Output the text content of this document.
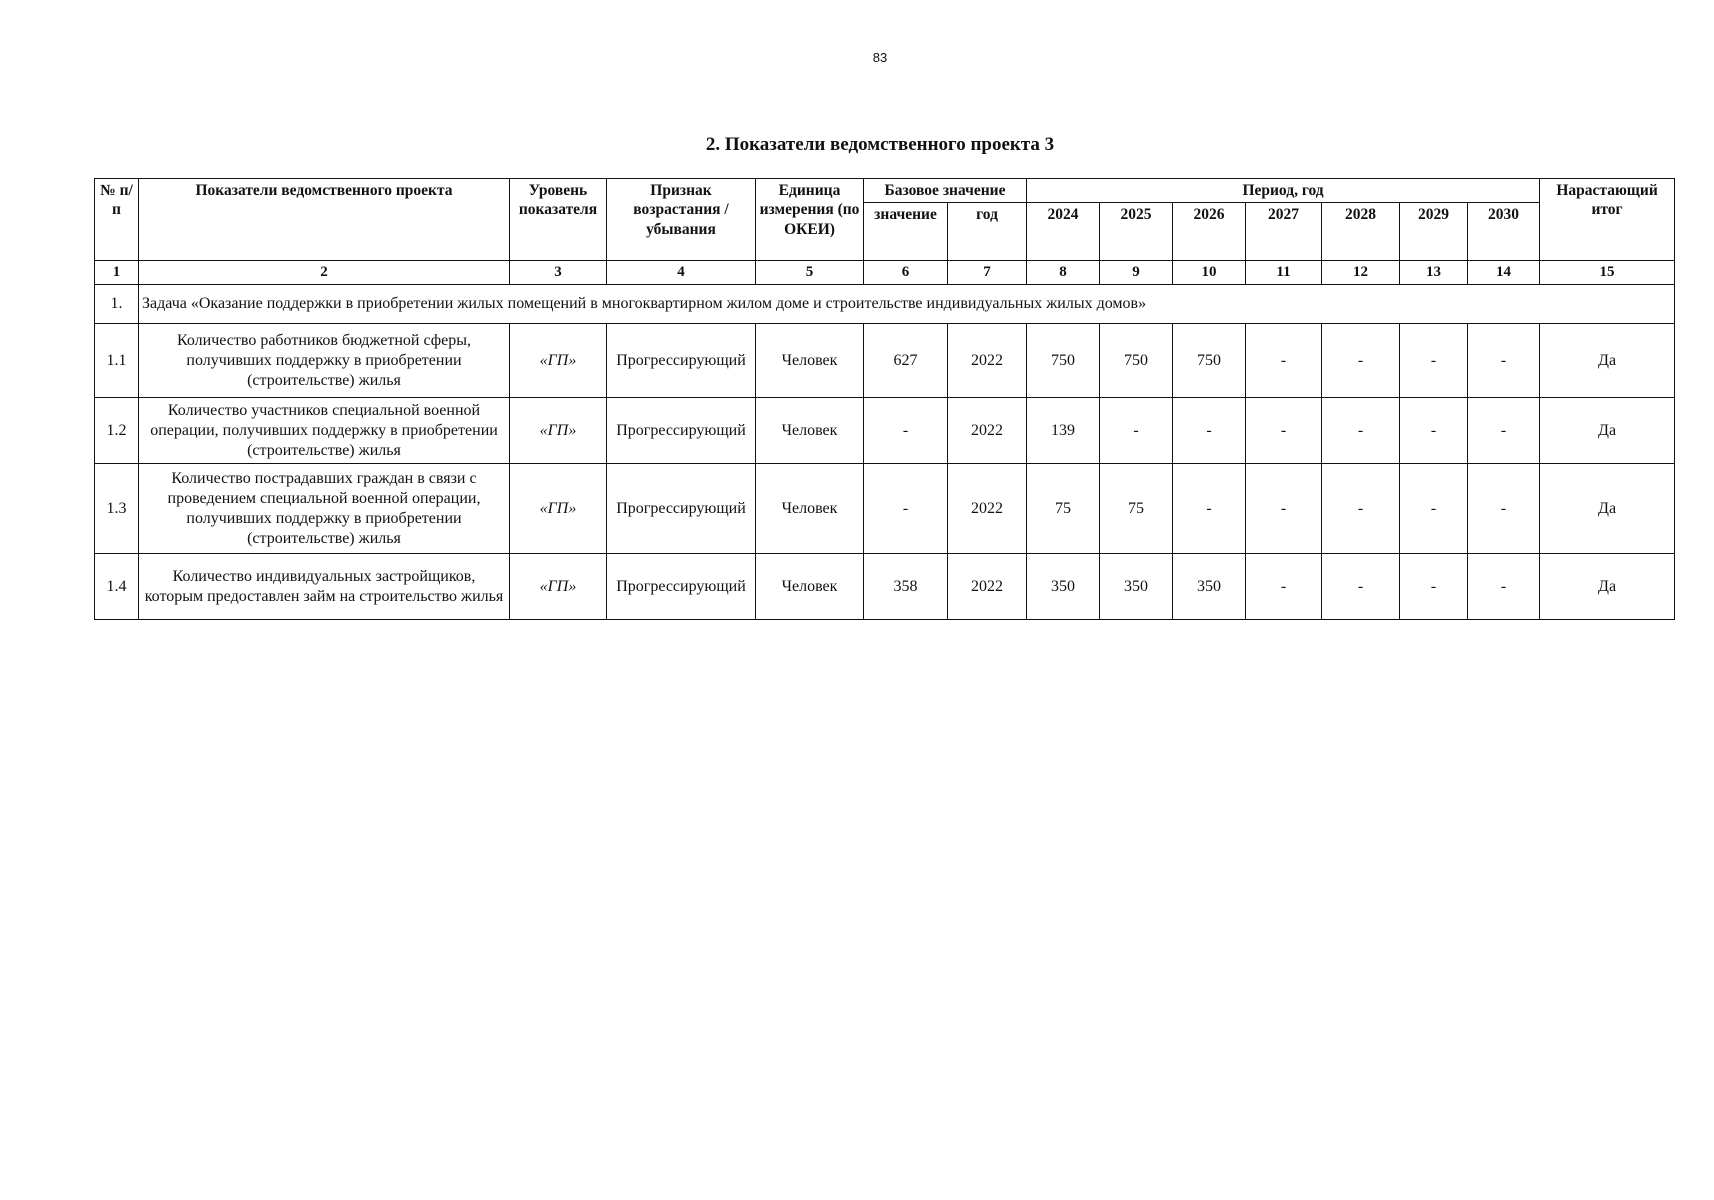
83
2. Показатели ведомственного проекта 3
№ п/п	Показатели ведомственного проекта	Уровень показателя	Признак возрастания / убывания	Единица измерения (по ОКЕИ)	Базовое значение		Период, год							Нарастающий итог
					значение	год	2024	2025	2026	2027	2028	2029	2030	
1	2	3	4	5	6	7	8	9	10	11	12	13	14	15
1.	Задача «Оказание поддержки в приобретении жилых помещений в многоквартирном жилом доме и строительстве индивидуальных жилых домов»													
1.1	Количество работников бюджетной сферы, получивших поддержку в приобретении (строительстве) жилья	«ГП»	Прогрессирующий	Человек	627	2022	750	750	750	-	-	-	-	Да
1.2	Количество участников специальной военной операции, получивших поддержку в приобретении (строительстве) жилья	«ГП»	Прогрессирующий	Человек	-	2022	139	-	-	-	-	-	-	Да
1.3	Количество пострадавших граждан в связи с проведением специальной военной операции, получивших поддержку в приобретении (строительстве) жилья	«ГП»	Прогрессирующий	Человек	-	2022	75	75	-	-	-	-	-	Да
1.4	Количество индивидуальных застройщиков, которым предоставлен займ на строительство жилья	«ГП»	Прогрессирующий	Человек	358	2022	350	350	350	-	-	-	-	Да
